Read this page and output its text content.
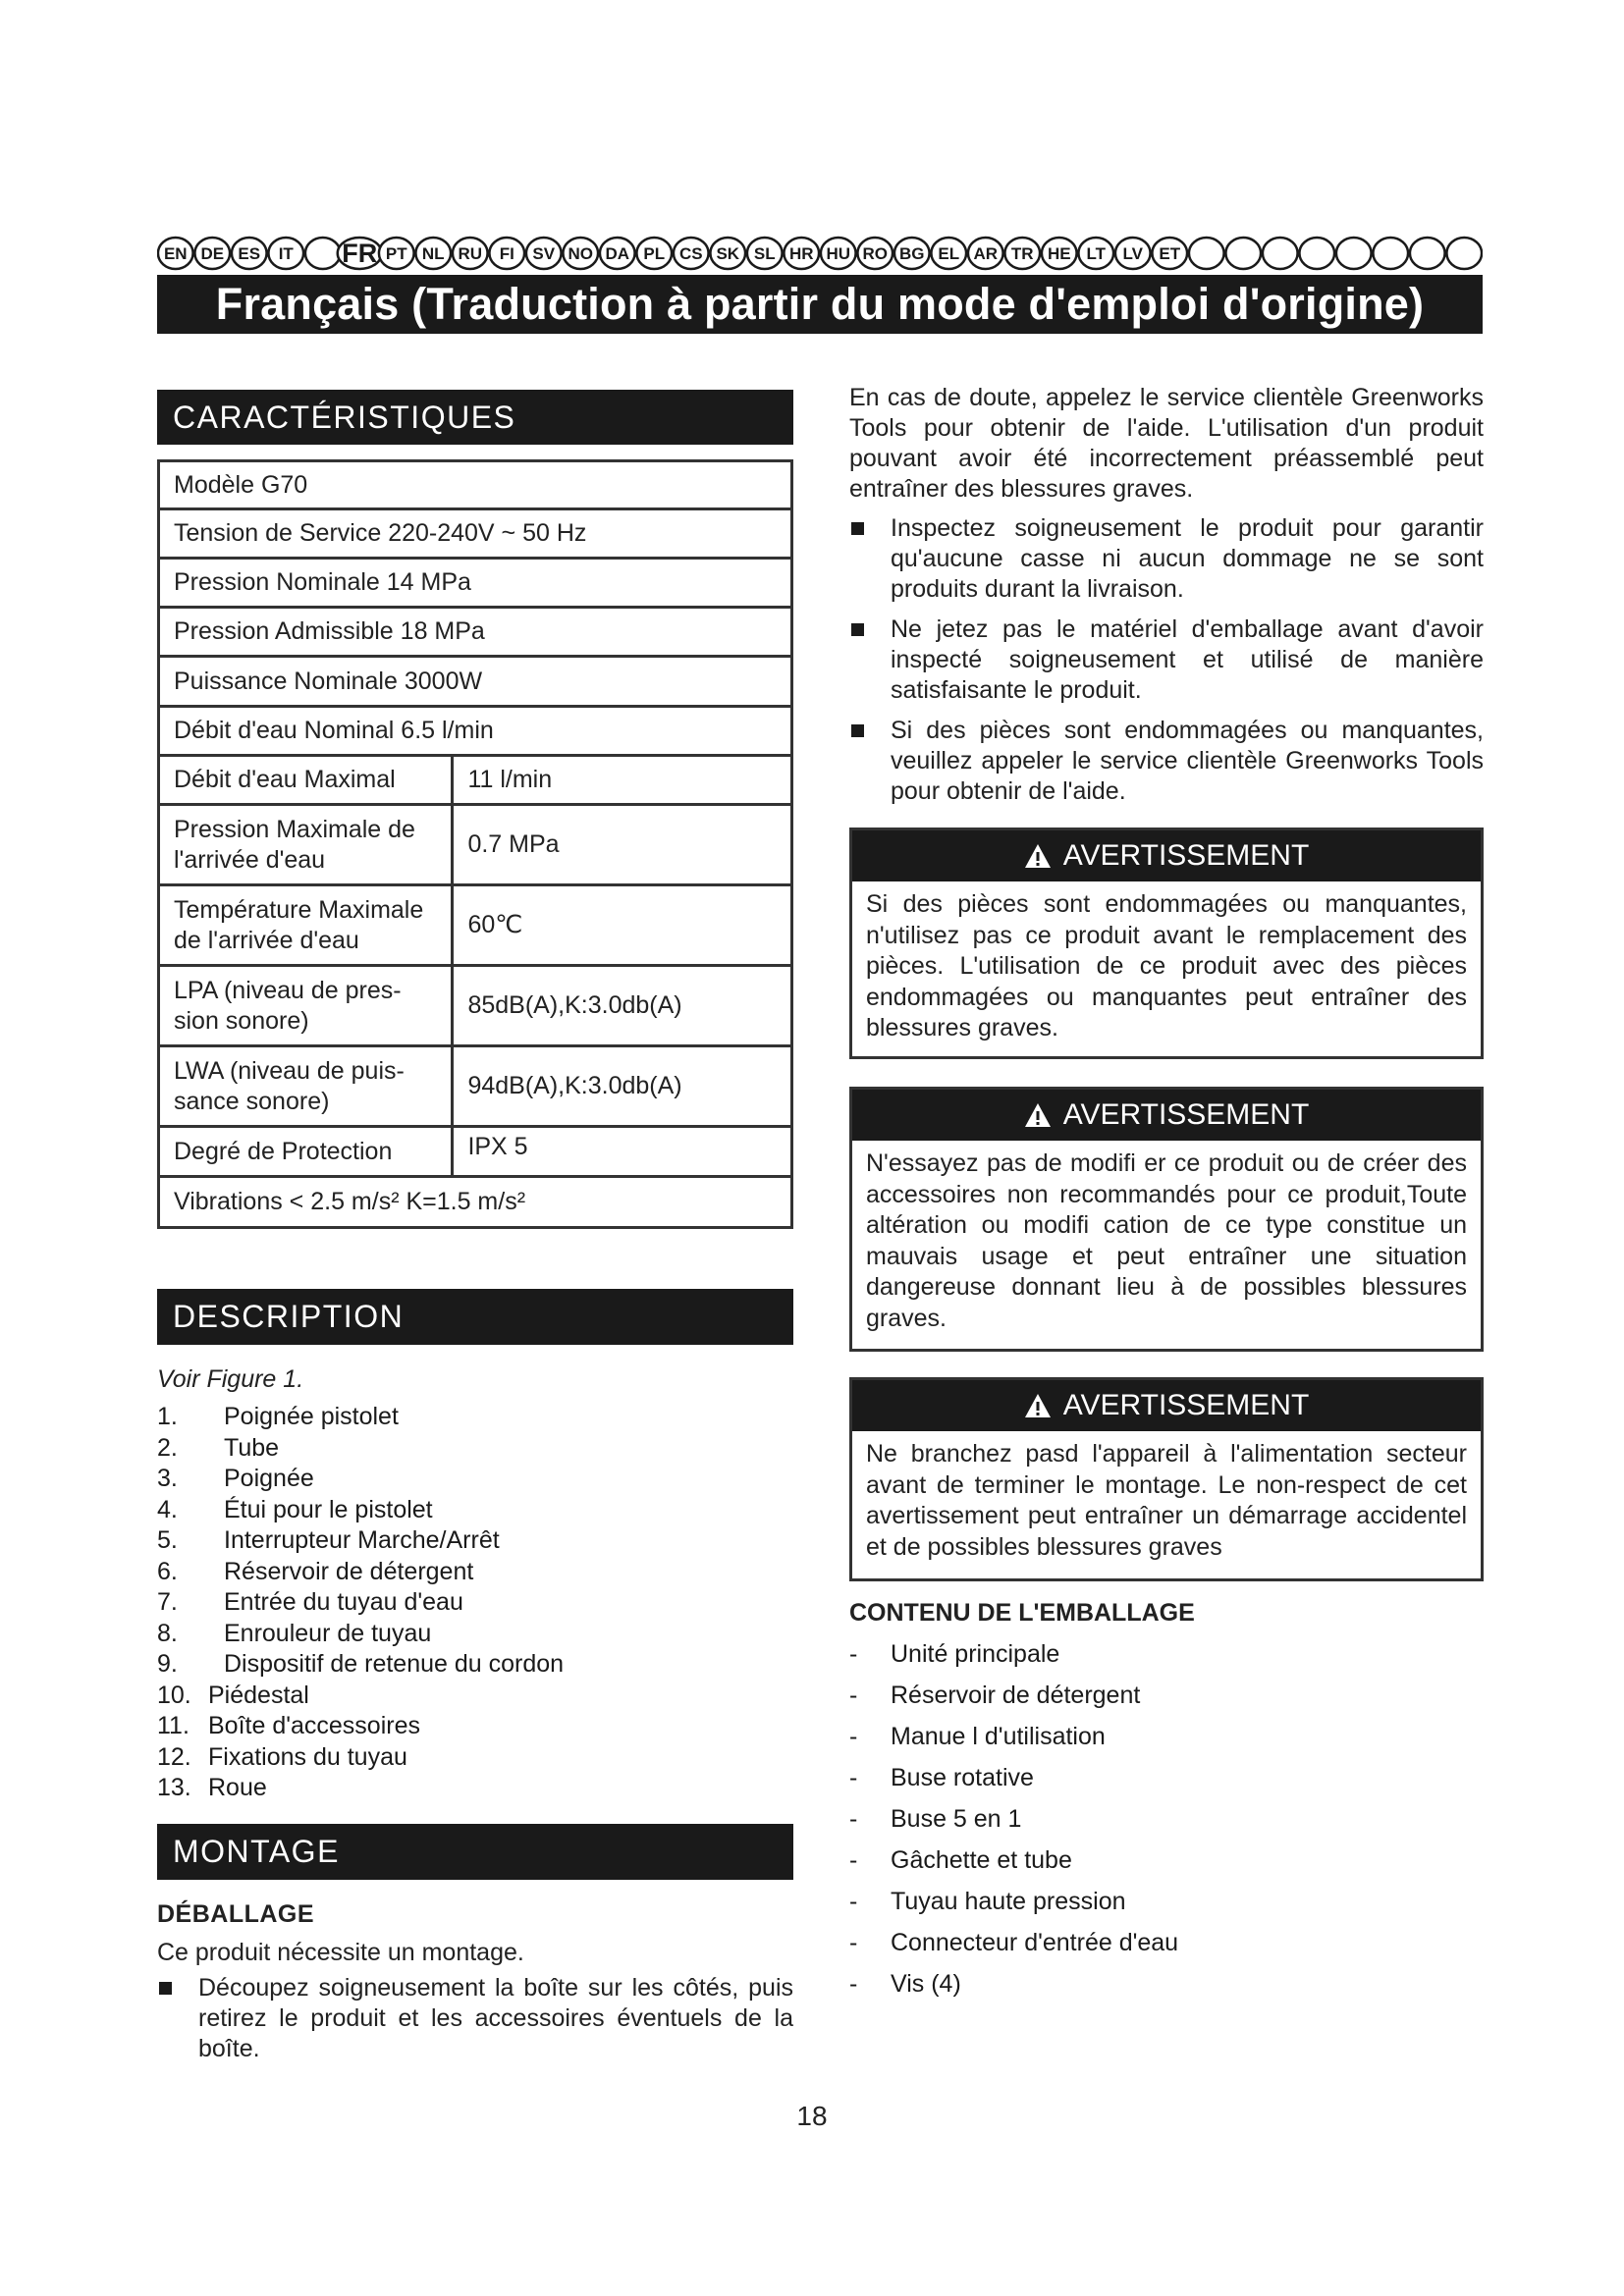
EN DE ES IT FR PT NL RU FI SV NO DA PL CS SK SL HR HU RO BG EL AR TR HE LT LV ET
Français (Traduction à partir du mode d'emploi d'origine)
CARACTÉRISTIQUES
Modèle G70	
Tension de Service 220-240V ~ 50 Hz	
Pression Nominale 14 MPa	
Pression Admissible 18 MPa	
Puissance Nominale 3000W	
Débit d'eau Nominal 6.5 l/min	
Débit d'eau Maximal	11 l/min
Pression Maximale de l'arrivée d'eau	0.7 MPa
Température Maximale de l'arrivée d'eau	60℃
LPA (niveau de pres-sion sonore)	85dB(A),K:3.0db(A)
LWA (niveau de puis-sance sonore)	94dB(A),K:3.0db(A)
Degré de Protection	IPX 5
Vibrations < 2.5 m/s² K=1.5 m/s²	
DESCRIPTION
Voir Figure 1.
1.	Poignée pistolet
2.	Tube
3.	Poignée
4.	Étui pour le pistolet
5.	Interrupteur Marche/Arrêt
6.	Réservoir de détergent
7.	Entrée du tuyau d'eau
8.	Enrouleur de tuyau
9.	Dispositif de retenue du cordon
10. Piédestal
11. Boîte d'accessoires
12. Fixations du tuyau
13. Roue
MONTAGE
DÉBALLAGE
Ce produit nécessite un montage.
Découpez soigneusement la boîte sur les côtés, puis retirez le produit et les accessoires éventuels de la boîte.
En cas de doute, appelez le service clientèle Greenworks Tools pour obtenir de l'aide. L'utilisation d'un produit pouvant avoir été incorrectement préassemblé peut entraîner des blessures graves.
Inspectez soigneusement le produit pour garantir qu'aucune casse ni aucun dommage ne se sont produits durant la livraison.
Ne jetez pas le matériel d'emballage avant d'avoir inspecté soigneusement et utilisé de manière satisfaisante le produit.
Si des pièces sont endommagées ou manquantes, veuillez appeler le service clientèle Greenworks Tools pour obtenir de l'aide.
AVERTISSEMENT
Si des pièces sont endommagées ou manquantes, n'utilisez pas ce produit avant le remplacement des pièces. L'utilisation de ce produit avec des pièces endommagées ou manquantes peut entraîner des blessures graves.
AVERTISSEMENT
N'essayez pas de modifi er ce produit ou de créer des accessoires non recommandés pour ce produit,Toute altération ou modifi cation de ce type constitue un mauvais usage et peut entraîner une situation dangereuse donnant lieu à de possibles blessures graves.
AVERTISSEMENT
Ne branchez pasd l'appareil à l'alimentation secteur avant de terminer le montage. Le non-respect de cet avertissement peut entraîner un démarrage accidentel et de possibles blessures graves
CONTENU DE L'EMBALLAGE
-	Unité principale
-	Réservoir de détergent
-	Manue l d'utilisation
-	Buse rotative
-	Buse 5 en 1
-	Gâchette et tube
-	Tuyau haute pression
-	Connecteur d'entrée d'eau
-	Vis (4)
18
